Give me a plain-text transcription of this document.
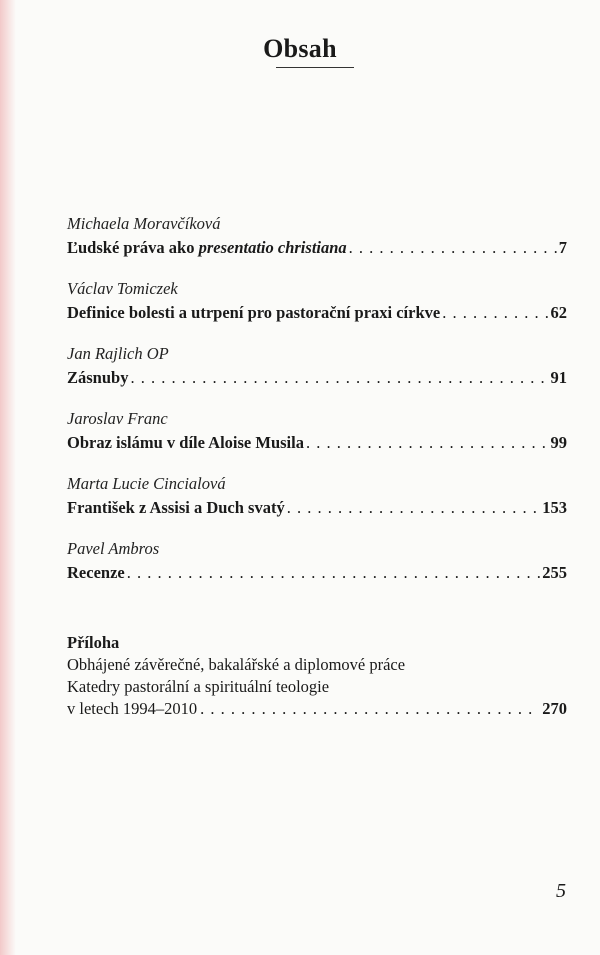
Obsah
Michaela Moravčíková
Ľudské práva ako presentatio christiana . . .	7
Václav Tomiczek
Definice bolesti a utrpení pro pastorační praxi církve . . .	62
Jan Rajlich OP
Zásnuby . . .	91
Jaroslav Franc
Obraz islámu v díle Aloise Musila . . .	99
Marta Lucie Cincialová
František z Assisi a Duch svatý . . .	153
Pavel Ambros
Recenze . . .	255
Příloha
Obhájené závěrečné, bakalářské a diplomové práce
Katedry pastorální a spirituální teologie
v letech 1994–2010 . . .	270
5
